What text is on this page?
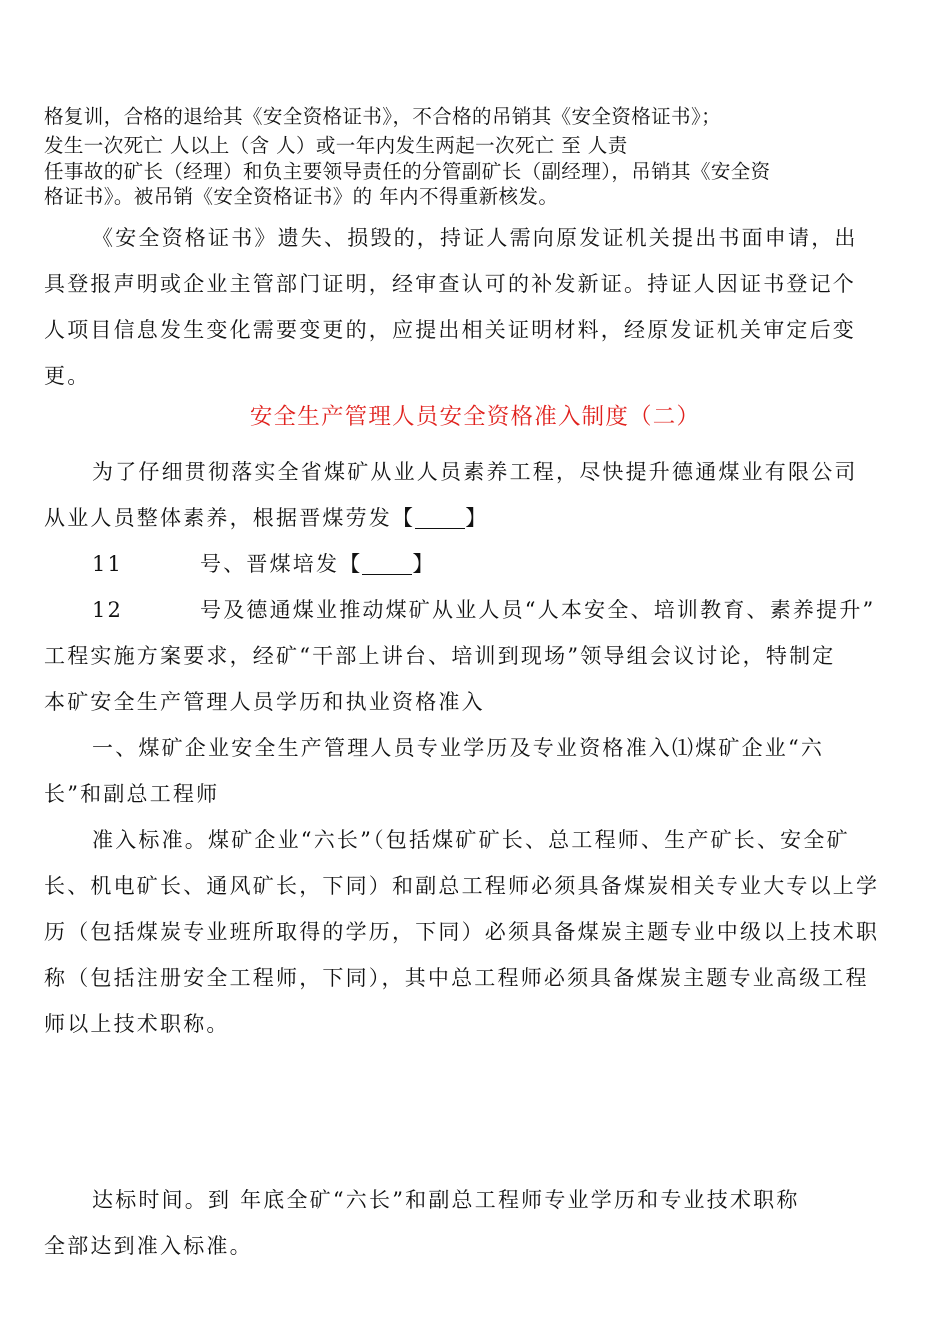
格复训，合格的退给其《安全资格证书》，不合格的吊销其《安全资格证书》；
发生一次死亡 人以上（含 人）或一年内发生两起一次死亡 至 人责
任事故的矿长（经理）和负主要领导责任的分管副矿长（副经理），吊销其《安全资
格证书》。被吊销《安全资格证书》的 年内不得重新核发。
《安全资格证书》遗失、损毁的，持证人需向原发证机关提出书面申请，出
具登报声明或企业主管部门证明，经审查认可的补发新证。持证人因证书登记个
人项目信息发生变化需要变更的，应提出相关证明材料，经原发证机关审定后变
更。
安全生产管理人员安全资格准入制度（二）
为了仔细贯彻落实全省煤矿从业人员素养工程，尽快提升德通煤业有限公司
从业人员整体素养，根据晋煤劳发【 】
11	号、晋煤培发【 】
12	号及德通煤业推动煤矿从业人员“人本安全、培训教育、素养提升”
工程实施方案要求，经矿“干部上讲台、培训到现场”领导组会议讨论，特制定
本矿安全生产管理人员学历和执业资格准入
一、煤矿企业安全生产管理人员专业学历及专业资格准入⑴煤矿企业“六
长”和副总工程师
准入标准。煤矿企业“六长”（包括煤矿矿长、总工程师、生产矿长、安全矿
长、机电矿长、通风矿长，下同）和副总工程师必须具备煤炭相关专业大专以上学
历（包括煤炭专业班所取得的学历，下同）必须具备煤炭主题专业中级以上技术职
称（包括注册安全工程师，下同），其中总工程师必须具备煤炭主题专业高级工程
师以上技术职称。
达标时间。到 年底全矿“六长”和副总工程师专业学历和专业技术职称
全部达到准入标准。
